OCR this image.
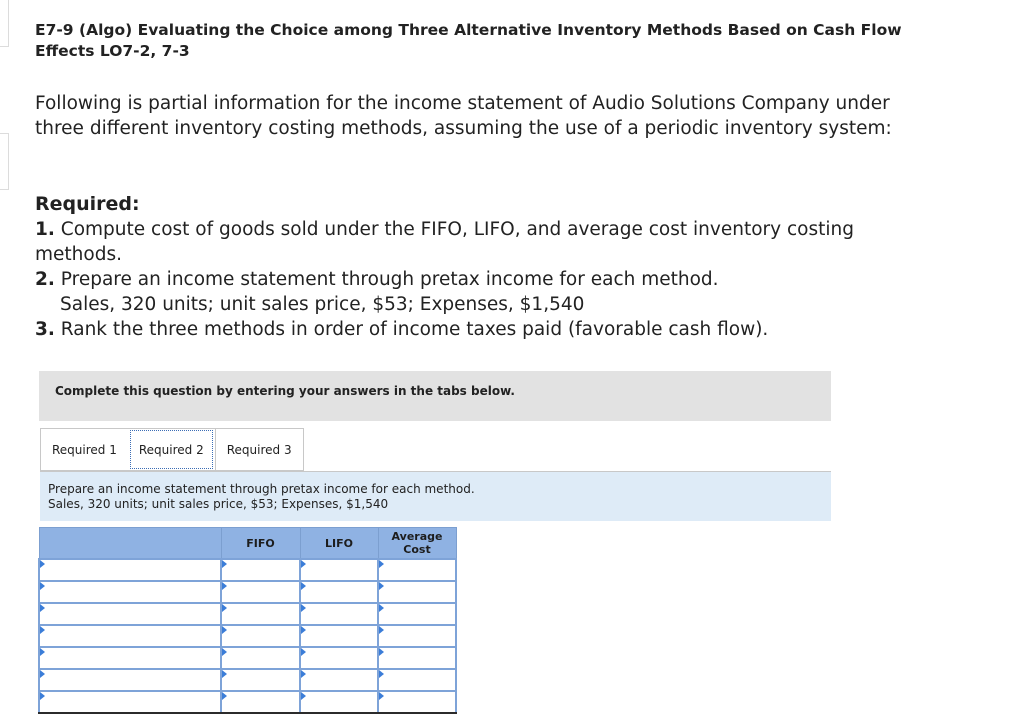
E7-9 (Algo) Evaluating the Choice among Three Alternative Inventory Methods Based on Cash Flow Effects LO7-2, 7-3
Following is partial information for the income statement of Audio Solutions Company under three different inventory costing methods, assuming the use of a periodic inventory system:
Required:
1. Compute cost of goods sold under the FIFO, LIFO, and average cost inventory costing methods.
2. Prepare an income statement through pretax income for each method.
Sales, 320 units; unit sales price, $53; Expenses, $1,540
3. Rank the three methods in order of income taxes paid (favorable cash flow).
Complete this question by entering your answers in the tabs below.
Required 1	Required 2	Required 3
Prepare an income statement through pretax income for each method.
Sales, 320 units; unit sales price, $53; Expenses, $1,540
	FIFO	LIFO	Average Cost
